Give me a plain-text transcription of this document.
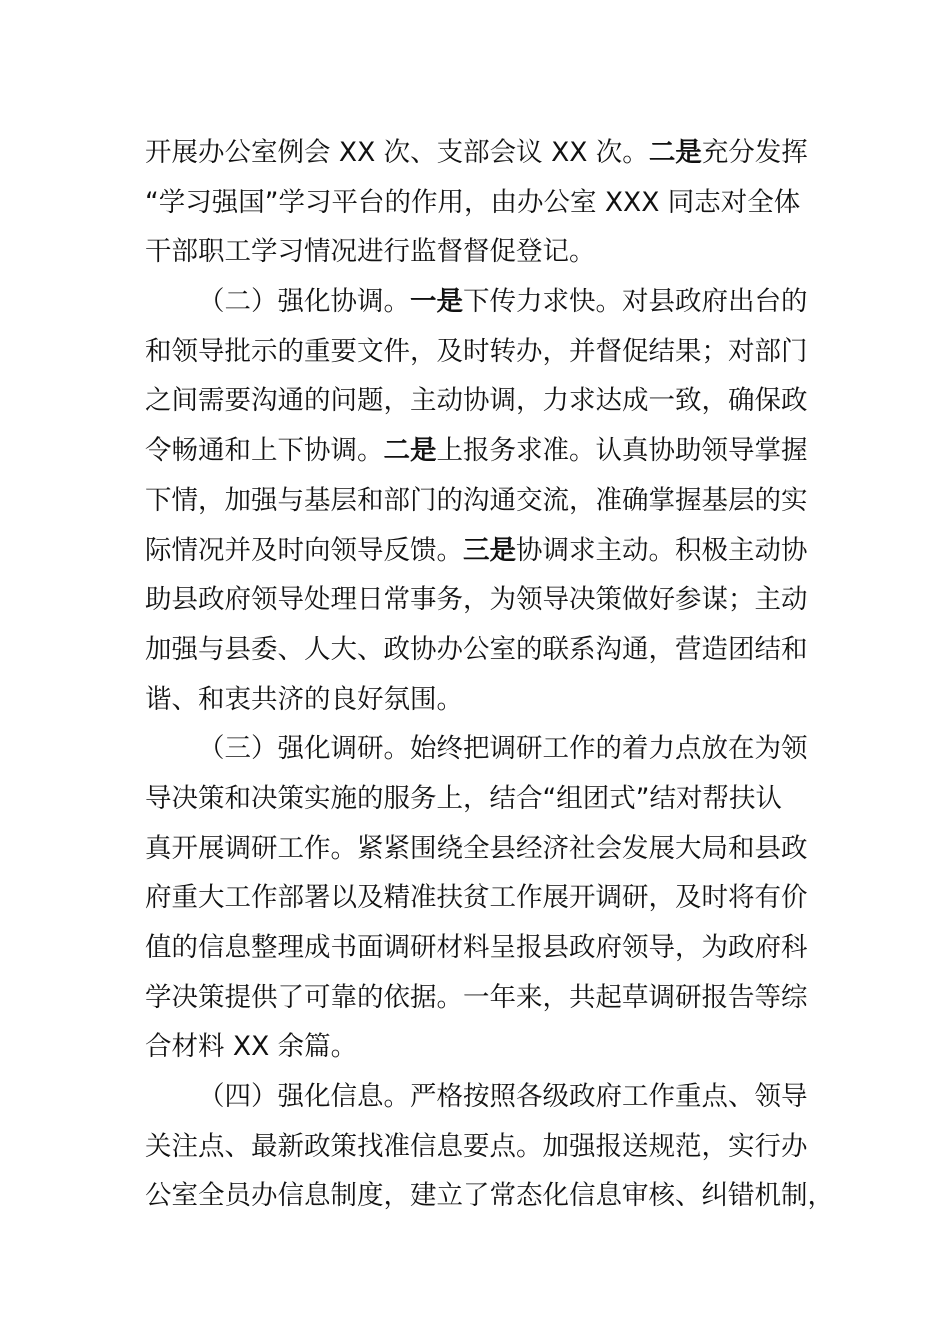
开展办公室例会 XX 次、支部会议 XX 次。二是充分发挥
“学习强国”学习平台的作用，由办公室 XXX 同志对全体
干部职工学习情况进行监督督促登记。
（二）强化协调。一是下传力求快。对县政府出台的
和领导批示的重要文件，及时转办，并督促结果；对部门
之间需要沟通的问题，主动协调，力求达成一致，确保政
令畅通和上下协调。二是上报务求准。认真协助领导掌握
下情，加强与基层和部门的沟通交流，准确掌握基层的实
际情况并及时向领导反馈。三是协调求主动。积极主动协
助县政府领导处理日常事务，为领导决策做好参谋；主动
加强与县委、人大、政协办公室的联系沟通，营造团结和
谐、和衷共济的良好氛围。
（三）强化调研。始终把调研工作的着力点放在为领
导决策和决策实施的服务上，结合“组团式”结对帮扶认
真开展调研工作。紧紧围绕全县经济社会发展大局和县政
府重大工作部署以及精准扶贫工作展开调研，及时将有价
值的信息整理成书面调研材料呈报县政府领导，为政府科
学决策提供了可靠的依据。一年来，共起草调研报告等综
合材料 XX 余篇。
（四）强化信息。严格按照各级政府工作重点、领导
关注点、最新政策找准信息要点。加强报送规范，实行办
公室全员办信息制度，建立了常态化信息审核、纠错机制，
